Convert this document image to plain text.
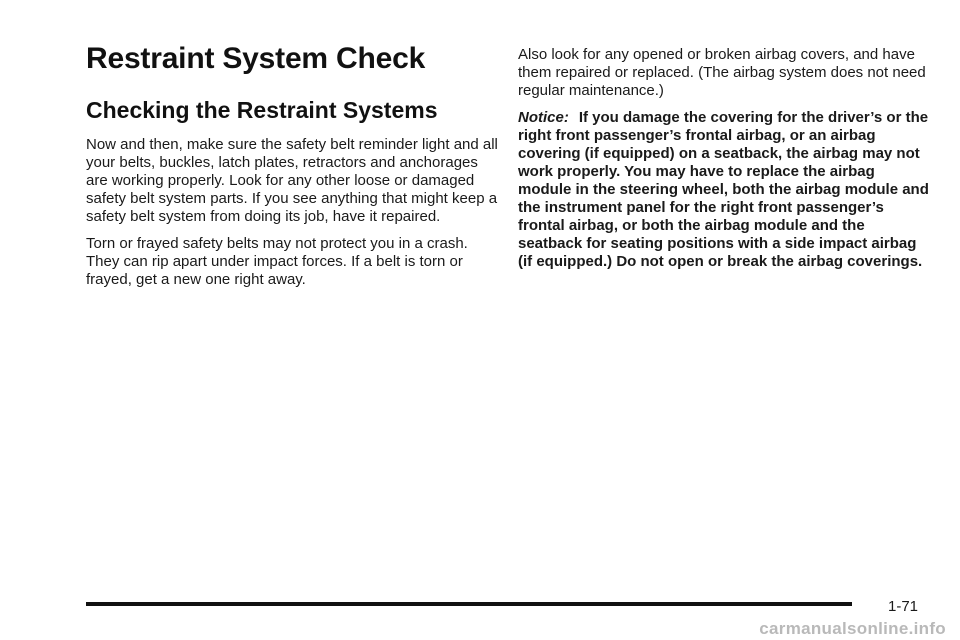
Restraint System Check
Checking the Restraint Systems

Now and then, make sure the safety belt reminder light and all your belts, buckles, latch plates, retractors and anchorages are working properly. Look for any other loose or damaged safety belt system parts. If you see anything that might keep a safety belt system from doing its job, have it repaired.

Torn or frayed safety belts may not protect you in a crash. They can rip apart under impact forces. If a belt is torn or frayed, get a new one right away.

Also look for any opened or broken airbag covers, and have them repaired or replaced. (The airbag system does not need regular maintenance.)

Notice: If you damage the covering for the driver’s or the right front passenger’s frontal airbag, or an airbag covering (if equipped) on a seatback, the airbag may not work properly. You may have to replace the airbag module in the steering wheel, both the airbag module and the instrument panel for the right front passenger’s frontal airbag, or both the airbag module and the seatback for seating positions with a side impact airbag (if equipped.) Do not open or break the airbag coverings.
1-71
carmanualsonline.info
